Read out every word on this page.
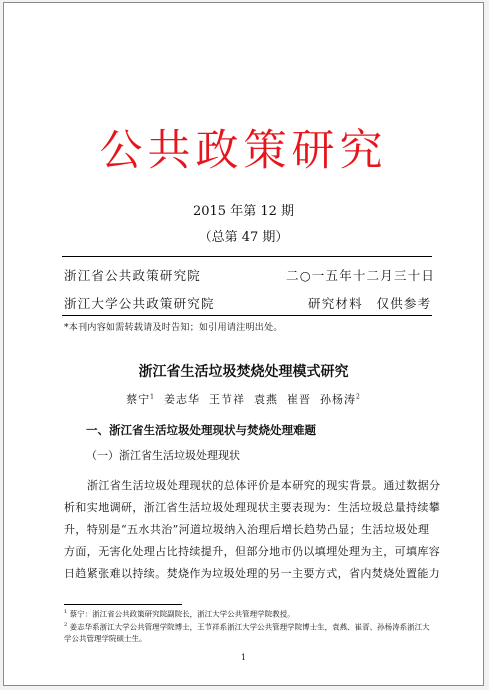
公共政策研究
2015 年第 12 期
（总第 47 期）
浙江省公共政策研究院	二○一五年十二月三十日
浙江大学公共政策研究院	研究材料　仅供参考
*本刊内容如需转载请及时告知；如引用请注明出处。
浙江省生活垃圾焚烧处理模式研究
蔡宁$^1$ 姜志华 王节祥 袁燕 崔晋 孙杨涛$^2$
一、浙江省生活垃圾处理现状与焚烧处理难题
（一）浙江省生活垃圾处理现状

浙江省生活垃圾处理现状的总体评价是本研究的现实背景。通过数据分

析和实地调研，浙江省生活垃圾处理现状主要表现为：生活垃圾总量持续攀

升，特别是“五水共治”河道垃圾纳入治理后增长趋势凸显；生活垃圾处理

方面，无害化处理占比持续提升，但部分地市仍以填埋处理为主，可填库容

日趋紧张难以持续。焚烧作为垃圾处理的另一主要方式，省内焚烧处置能力

$^1$ 蔡宁：浙江省公共政策研究院副院长，浙江大学公共管理学院教授。
$^2$ 姜志华系浙江大学公共管理学院博士，王节祥系浙江大学公共管理学院博士生，袁燕、崔晋、孙杨涛系浙江大学公共管理学院硕士生。
1
